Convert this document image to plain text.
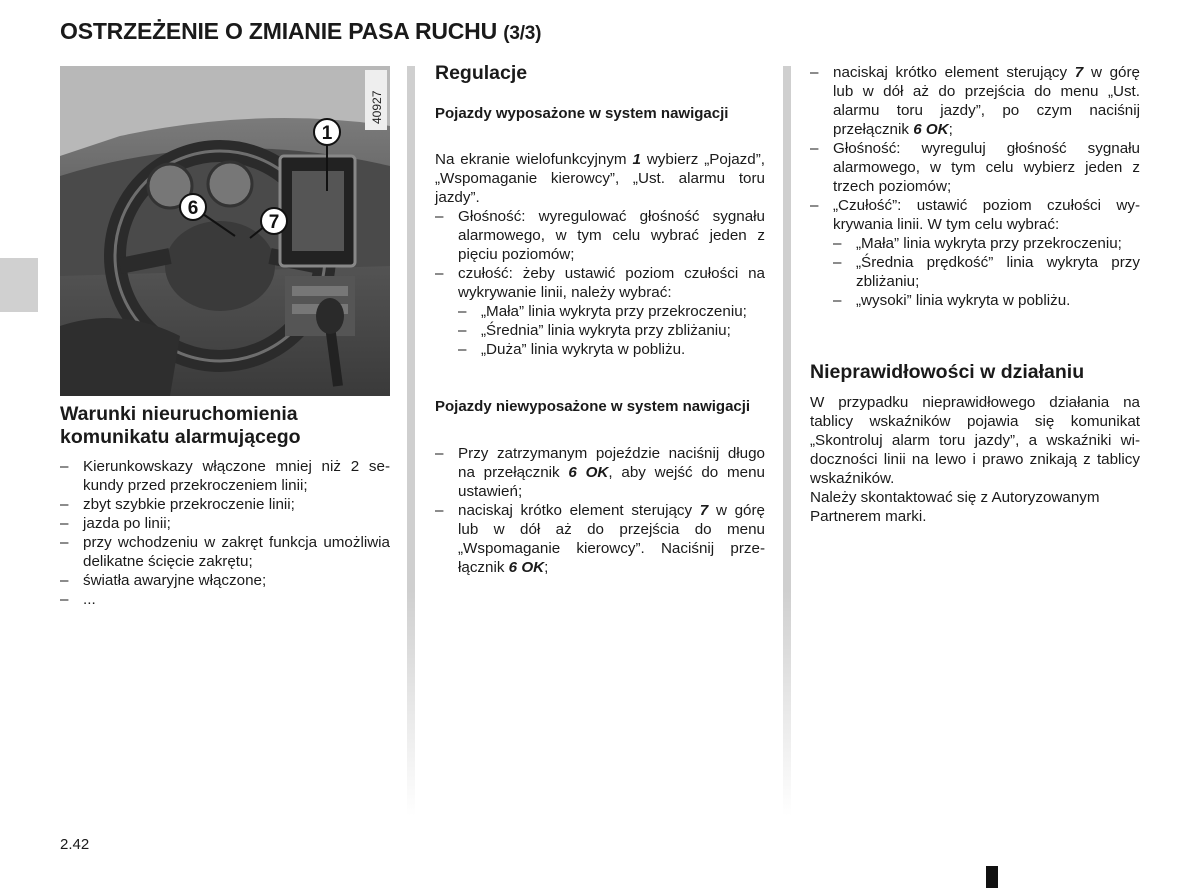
OSTRZEŻENIE O ZMIANIE PASA RUCHU (3/3)
40927
1
6
7
Warunki nieuruchomienia komunikatu alarmującego
– Kierunkowskazy włączone mniej niż 2 sekundy przed przekroczeniem linii;
– zbyt szybkie przekroczenie linii;
– jazda po linii;
– przy wchodzeniu w zakręt funkcja umożliwia delikatne ścięcie zakrętu;
– światła awaryjne włączone;
– ...
Regulacje
Pojazdy wyposażone w system nawigacji
Na ekranie wielofunkcyjnym 1 wybierz „Pojazd”, „Wspomaganie kierowcy”, „Ust. alarmu toru jazdy”.
– Głośność: wyregulować głośność sygnału alarmowego, w tym celu wybrać jeden z pięciu poziomów;
– czułość: żeby ustawić poziom czułości na wykrywanie linii, należy wybrać:
– „Mała” linia wykryta przy przekroczeniu;
– „Średnia” linia wykryta przy zbliżaniu;
– „Duża” linia wykryta w pobliżu.
Pojazdy niewyposażone w system nawigacji
– Przy zatrzymanym pojeździe naciśnij długo na przełącznik 6 OK, aby wejść do menu ustawień;
– naciskaj krótko element sterujący 7 w górę lub w dół aż do przejścia do menu „Wspomaganie kierowcy”. Naciśnij przełącznik 6 OK;
– naciskaj krótko element sterujący 7 w górę lub w dół aż do przejścia do menu „Ust. alarmu toru jazdy”, po czym naciśnij przełącznik 6 OK;
– Głośność: wyreguluj głośność sygnału alarmowego, w tym celu wybierz jeden z trzech poziomów;
– „Czułość”: ustawić poziom czułości wykrywania linii. W tym celu wybrać:
– „Mała” linia wykryta przy przekroczeniu;
– „Średnia prędkość” linia wykryta przy zbliżaniu;
– „wysoki” linia wykryta w pobliżu.
Nieprawidłowości w działaniu
W przypadku nieprawidłowego działania na tablicy wskaźników pojawia się komunikat „Skontroluj alarm toru jazdy”, a wskaźniki widoczności linii na lewo i prawo znikają z tablicy wskaźników.
Należy skontaktować się z Autoryzowanym Partnerem marki.
2.42
